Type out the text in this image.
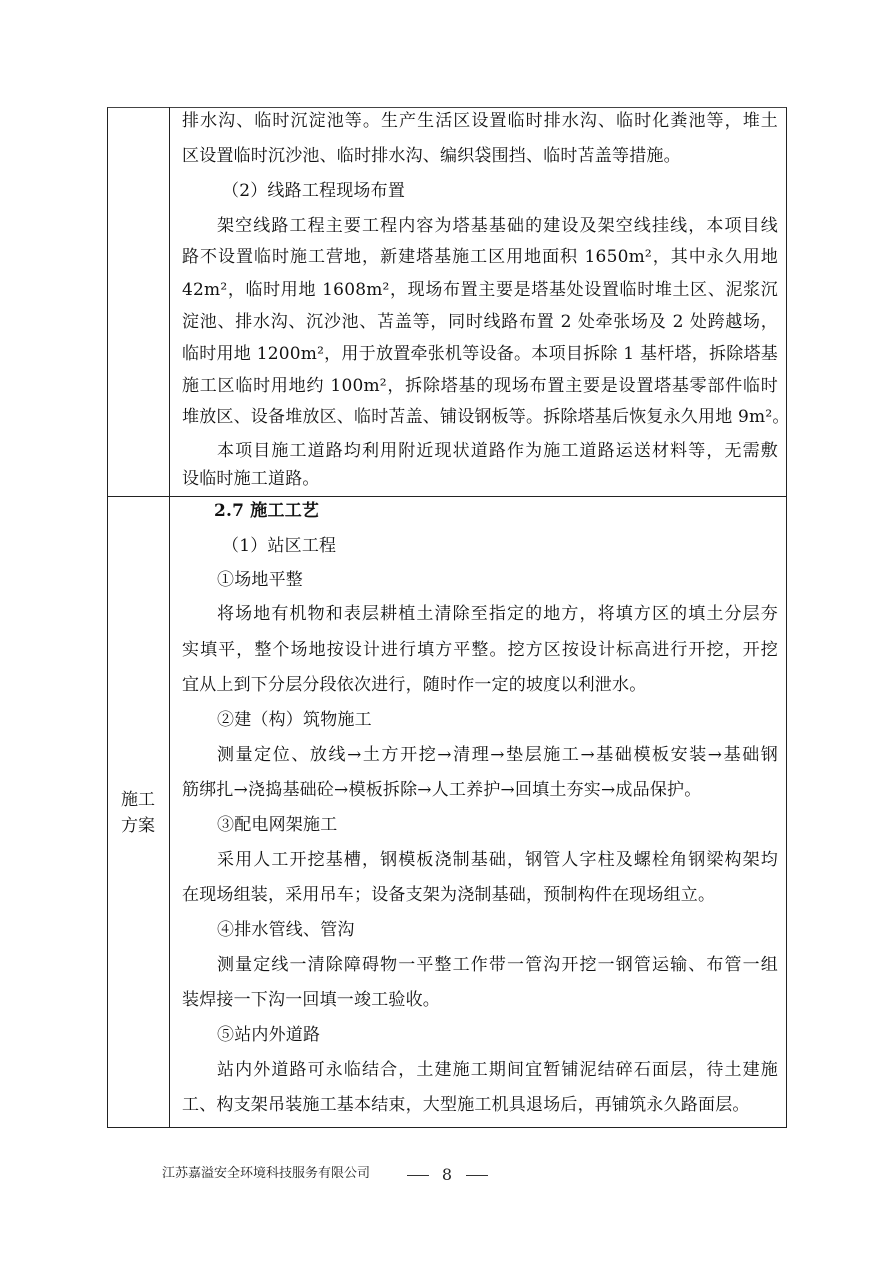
排水沟、临时沉淀池等。生产生活区设置临时排水沟、临时化粪池等，堆土
区设置临时沉沙池、临时排水沟、编织袋围挡、临时苫盖等措施。
（2）线路工程现场布置
架空线路工程主要工程内容为塔基基础的建设及架空线挂线，本项目线
路不设置临时施工营地，新建塔基施工区用地面积 1650m²，其中永久用地
42m²，临时用地 1608m²，现场布置主要是塔基处设置临时堆土区、泥浆沉
淀池、排水沟、沉沙池、苫盖等，同时线路布置 2 处牵张场及 2 处跨越场，
临时用地 1200m²，用于放置牵张机等设备。本项目拆除 1 基杆塔，拆除塔基
施工区临时用地约 100m²，拆除塔基的现场布置主要是设置塔基零部件临时
堆放区、设备堆放区、临时苫盖、铺设钢板等。拆除塔基后恢复永久用地 9m²。
本项目施工道路均利用附近现状道路作为施工道路运送材料等，无需敷
设临时施工道路。
施工
方案
2.7 施工工艺
（1）站区工程
①场地平整
将场地有机物和表层耕植土清除至指定的地方，将填方区的填土分层夯
实填平，整个场地按设计进行填方平整。挖方区按设计标高进行开挖，开挖
宜从上到下分层分段依次进行，随时作一定的坡度以利泄水。
②建（构）筑物施工
测量定位、放线→土方开挖→清理→垫层施工→基础模板安装→基础钢
筋绑扎→浇捣基础砼→模板拆除→人工养护→回填土夯实→成品保护。
③配电网架施工
采用人工开挖基槽，钢模板浇制基础，钢管人字柱及螺栓角钢梁构架均
在现场组装，采用吊车；设备支架为浇制基础，预制构件在现场组立。
④排水管线、管沟
测量定线一清除障碍物一平整工作带一管沟开挖一钢管运输、布管一组
装焊接一下沟一回填一竣工验收。
⑤站内外道路
站内外道路可永临结合，土建施工期间宜暂铺泥结碎石面层，待土建施
工、构支架吊装施工基本结束，大型施工机具退场后，再铺筑永久路面层。
江苏嘉溢安全环境科技服务有限公司	8
